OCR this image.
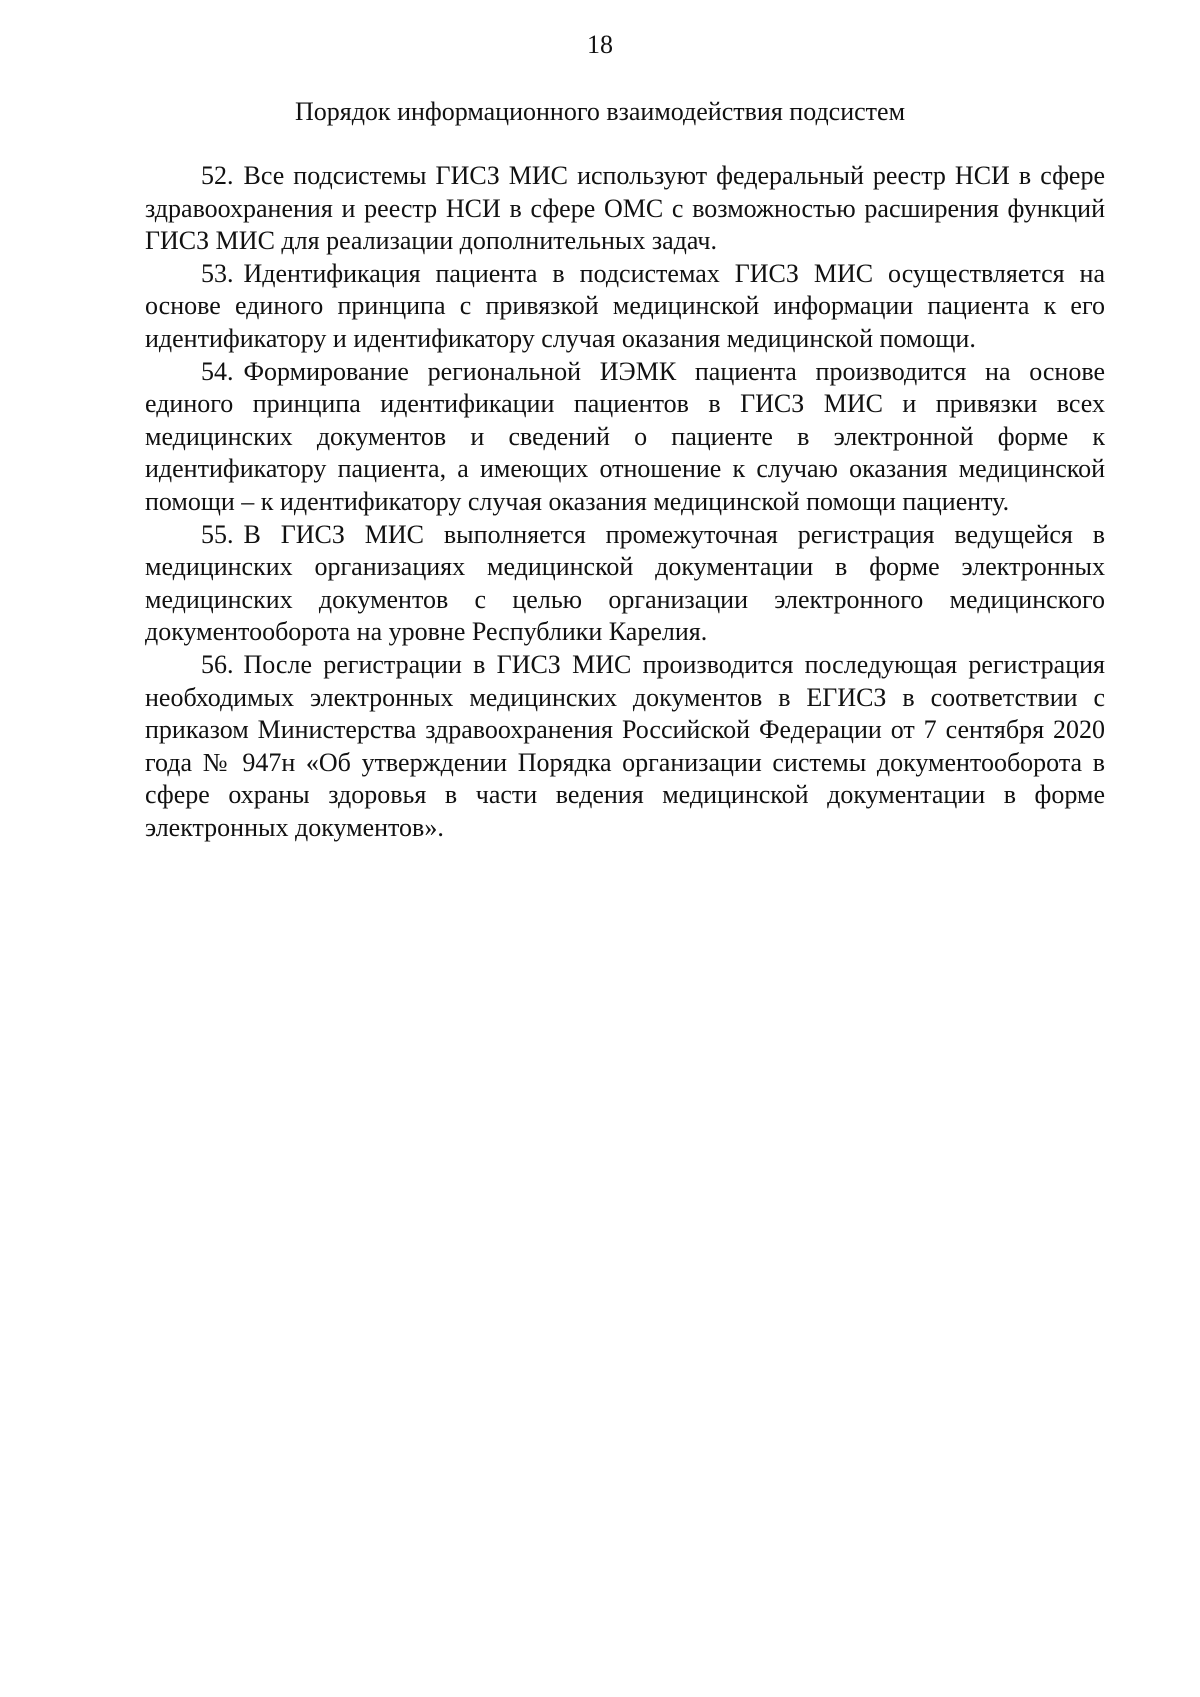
18
Порядок информационного взаимодействия подсистем

52. Все подсистемы ГИСЗ МИС используют федеральный реестр НСИ в сфере здравоохранения и реестр НСИ в сфере ОМС с возможностью расширения функций ГИСЗ МИС для реализации дополнительных задач.

53. Идентификация пациента в подсистемах ГИСЗ МИС осуществляется на основе единого принципа с привязкой медицинской информации пациента к его идентификатору и идентификатору случая оказания медицинской помощи.

54. Формирование региональной ИЭМК пациента производится на основе единого принципа идентификации пациентов в ГИСЗ МИС и привязки всех медицинских документов и сведений о пациенте в электронной форме к идентификатору пациента, а имеющих отношение к случаю оказания медицинской помощи – к идентификатору случая оказания медицинской помощи пациенту.

55. В ГИСЗ МИС выполняется промежуточная регистрация ведущейся в медицинских организациях медицинской документации в форме электронных медицинских документов с целью организации электронного медицинского документооборота на уровне Республики Карелия.

56. После регистрации в ГИСЗ МИС производится последующая регистрация необходимых электронных медицинских документов в ЕГИСЗ в соответствии с приказом Министерства здравоохранения Российской Федерации от 7 сентября 2020 года № 947н «Об утверждении Порядка организации системы документооборота в сфере охраны здоровья в части ведения медицинской документации в форме электронных документов».
